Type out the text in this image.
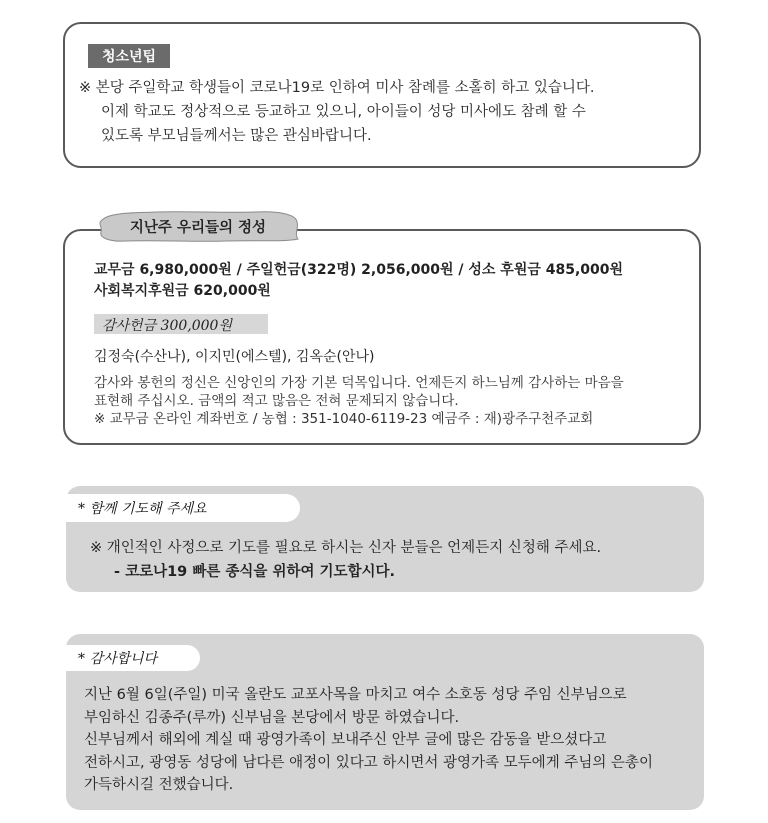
청소년팁
※ 본당 주일학교 학생들이 코로나19로 인하여 미사 참례를 소홀히 하고 있습니다.
이제 학교도 정상적으로 등교하고 있으니, 아이들이 성당 미사에도 참례 할 수
있도록 부모님들께서는 많은 관심바랍니다.
지난주 우리들의 정성
교무금 6,980,000원 / 주일헌금(322명) 2,056,000원 / 성소 후원금 485,000원
사회복지후원금 620,000원
감사헌금 300,000원
김정숙(수산나), 이지민(에스텔), 김옥순(안나)
감사와 봉헌의 정신은 신앙인의 가장 기본 덕목입니다. 언제든지 하느님께 감사하는 마음을
표현해 주십시오. 금액의 적고 많음은 전혀 문제되지 않습니다.
※ 교무금 온라인 계좌번호 / 농협 : 351-1040-6119-23 예금주 : 재)광주구천주교회
* 함께 기도해 주세요
※ 개인적인 사정으로 기도를 필요로 하시는 신자 분들은 언제든지 신청해 주세요.
- 코로나19 빠른 종식을 위하여 기도합시다.
* 감사합니다
지난 6월 6일(주일) 미국 올란도 교포사목을 마치고 여수 소호동 성당 주임 신부님으로
부임하신 김종주(루까) 신부님을 본당에서 방문 하였습니다.
신부님께서 해외에 계실 때 광영가족이 보내주신 안부 글에 많은 감동을 받으셨다고
전하시고, 광영동 성당에 남다른 애정이 있다고 하시면서 광영가족 모두에게 주님의 은총이
가득하시길 전했습니다.
